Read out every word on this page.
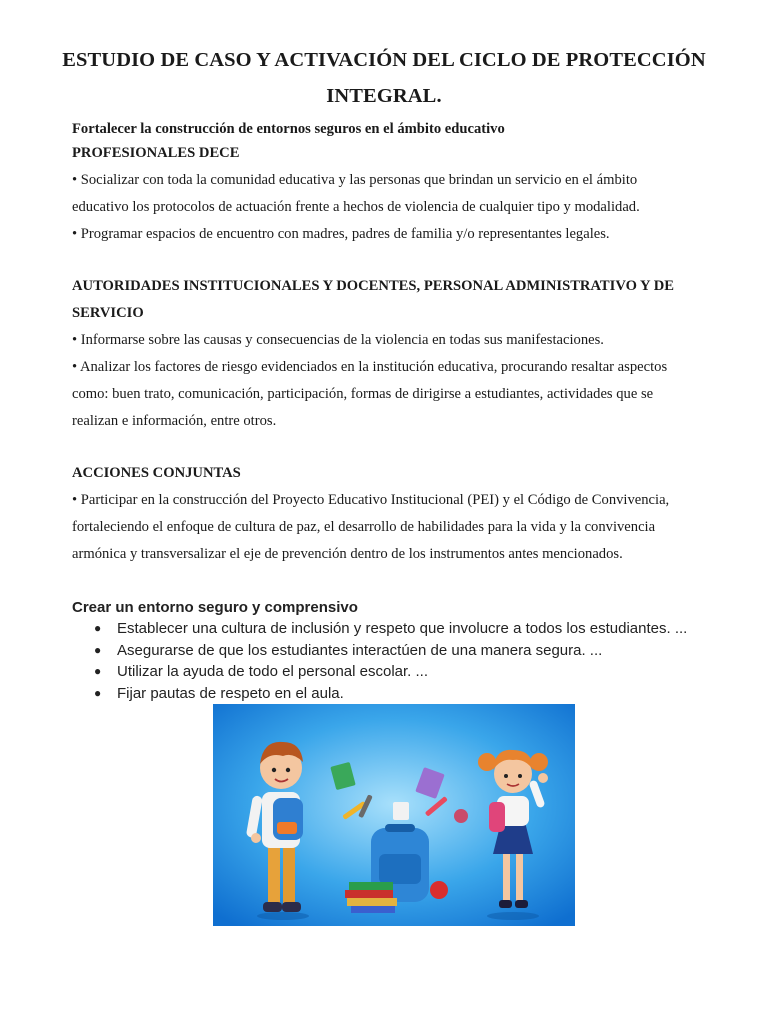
ESTUDIO DE CASO Y ACTIVACIÓN DEL CICLO DE PROTECCIÓN
INTEGRAL.
Fortalecer la construcción de entornos seguros en el ámbito educativo
PROFESIONALES DECE
• Socializar con toda la comunidad educativa y las personas que brindan un servicio en el ámbito
educativo los protocolos de actuación frente a hechos de violencia de cualquier tipo y modalidad.
• Programar espacios de encuentro con madres, padres de familia y/o representantes legales.
AUTORIDADES INSTITUCIONALES Y DOCENTES, PERSONAL ADMINISTRATIVO Y DE
SERVICIO
• Informarse sobre las causas y consecuencias de la violencia en todas sus manifestaciones.
• Analizar los factores de riesgo evidenciados en la institución educativa, procurando resaltar aspectos
como: buen trato, comunicación, participación, formas de dirigirse a estudiantes, actividades que se
realizan e información, entre otros.
ACCIONES CONJUNTAS
• Participar en la construcción del Proyecto Educativo Institucional (PEI) y el Código de Convivencia,
fortaleciendo el enfoque de cultura de paz, el desarrollo de habilidades para la vida y la convivencia
armónica y transversalizar el eje de prevención dentro de los instrumentos antes mencionados.
Crear un entorno seguro y comprensivo
● Establecer una cultura de inclusión y respeto que involucre a todos los estudiantes. ...
● Asegurarse de que los estudiantes interactúen de una manera segura. ...
● Utilizar la ayuda de todo el personal escolar. ...
● Fijar pautas de respeto en el aula.
